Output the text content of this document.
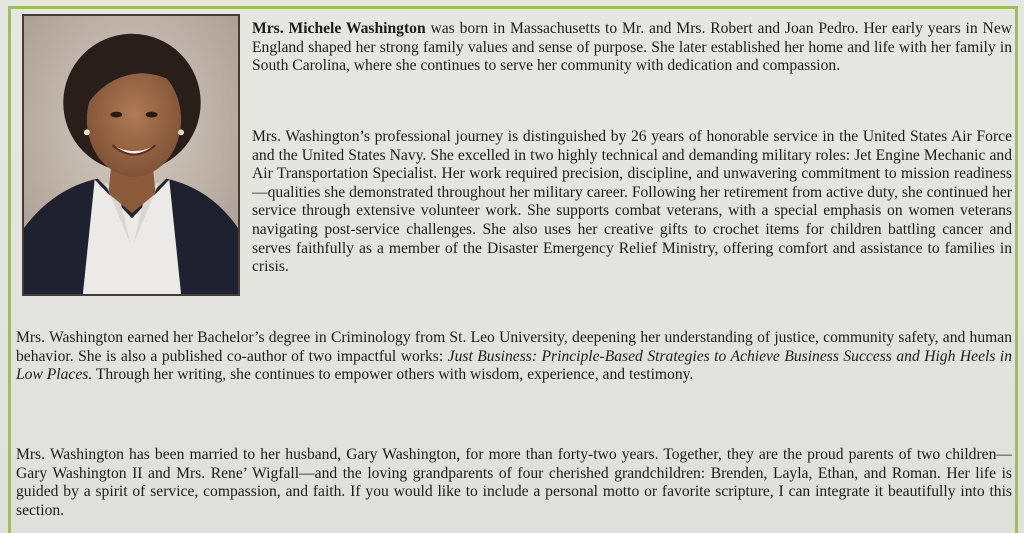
Mrs. Michele Washington was born in Massachusetts to Mr. and Mrs. Robert and Joan Pedro. Her early years in New England shaped her strong family values and sense of purpose. She later established her home and life with her family in South Carolina, where she continues to serve her community with dedication and compassion.

Mrs. Washington’s professional journey is distinguished by 26 years of honorable service in the United States Air Force and the United States Navy. She excelled in two highly technical and demanding military roles: Jet Engine Mechanic and Air Transportation Specialist. Her work required precision, discipline, and unwavering commitment to mission readiness—qualities she demonstrated throughout her military career. Following her retirement from active duty, she continued her service through extensive volunteer work. She supports combat veterans, with a special emphasis on women veterans navigating post-service challenges. She also uses her creative gifts to crochet items for children battling cancer and serves faithfully as a member of the Disaster Emergency Relief Ministry, offering comfort and assistance to families in crisis.

Mrs. Washington earned her Bachelor’s degree in Criminology from St. Leo University, deepening her understanding of justice, community safety, and human behavior. She is also a published co-author of two impactful works: Just Business: Principle-Based Strategies to Achieve Business Success and High Heels in Low Places. Through her writing, she continues to empower others with wisdom, experience, and testimony.

Mrs. Washington has been married to her husband, Gary Washington, for more than forty-two years. Together, they are the proud parents of two children—Gary Washington II and Mrs. Rene’ Wigfall—and the loving grandparents of four cherished grandchildren: Brenden, Layla, Ethan, and Roman. Her life is guided by a spirit of service, compassion, and faith. If you would like to include a personal motto or favorite scripture, I can integrate it beautifully into this section.
